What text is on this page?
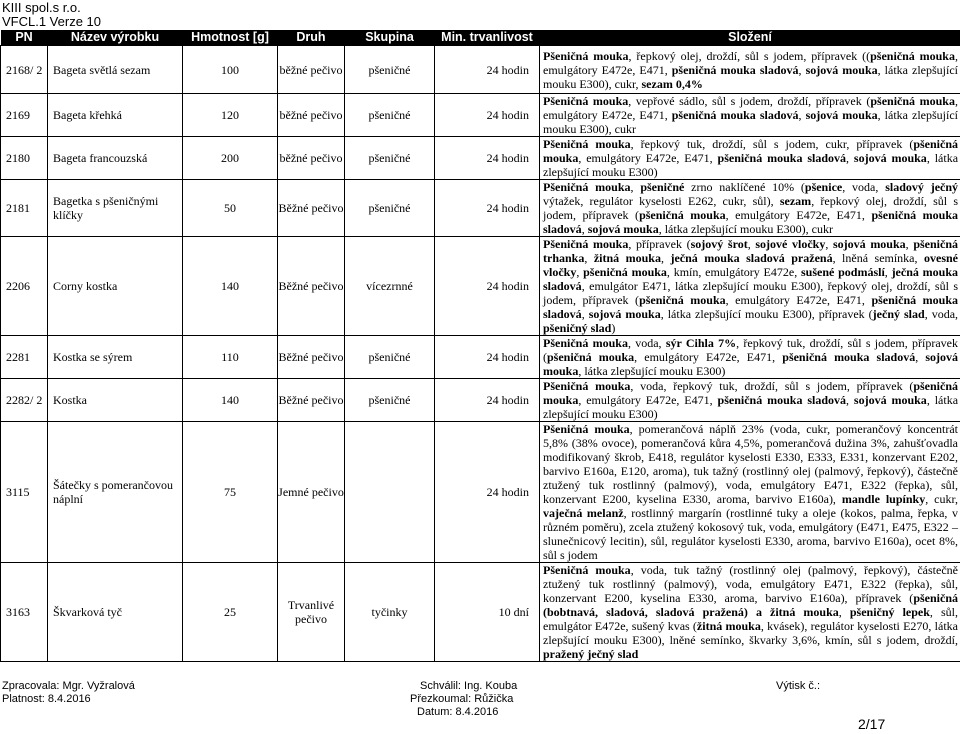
KIII spol.s r.o.
VFCL.1 Verze 10
PN	Název výrobku	Hmotnost [g]	Druh	Skupina	Min. trvanlivost	Složení

2168/ 2	Bageta světlá sezam	100	běžné pečivo	pšeničné	24 hodin	Pšeničná mouka, řepkový olej, droždí, sůl s jodem, přípravek ((pšeničná mouka, emulgátory E472e, E471, pšeničná mouka sladová, sojová mouka, látka zlepšující mouku E300), cukr, sezam 0,4%

2169	Bageta křehká	120	běžné pečivo	pšeničné	24 hodin	Pšeničná mouka, vepřové sádlo, sůl s jodem, droždí, přípravek (pšeničná mouka, emulgátory E472e, E471, pšeničná mouka sladová, sojová mouka, látka zlepšující mouku E300), cukr

2180	Bageta francouzská	200	běžné pečivo	pšeničné	24 hodin	Pšeničná mouka, řepkový tuk, droždí, sůl s jodem, cukr, přípravek (pšeničná mouka, emulgátory E472e, E471, pšeničná mouka sladová, sojová mouka, látka zlepšující mouku E300)

2181	Bagetka s pšeničnými klíčky	50	Běžné pečivo	pšeničné	24 hodin	Pšeničná mouka, pšeničné zrno naklíčené 10% (pšenice, voda, sladový ječný výtažek, regulátor kyselosti E262, cukr, sůl), sezam, řepkový olej, droždí, sůl s jodem, přípravek (pšeničná mouka, emulgátory E472e, E471, pšeničná mouka sladová, sojová mouka, látka zlepšující mouku E300), cukr

2206	Corny kostka	140	Běžné pečivo	vícezrnné	24 hodin	Pšeničná mouka, přípravek (sojový šrot, sojové vločky, sojová mouka, pšeničná trhanka, žitná mouka, ječná mouka sladová pražená, lněná semínka, ovesné vločky, pšeničná mouka, kmín, emulgátory E472e, sušené podmáslí, ječná mouka sladová, emulgátor E471, látka zlepšující mouku E300), řepkový olej, droždí, sůl s jodem, přípravek (pšeničná mouka, emulgátory E472e, E471, pšeničná mouka sladová, sojová mouka, látka zlepšující mouku E300), přípravek (ječný slad, voda, pšeničný slad)

2281	Kostka se sýrem	110	Běžné pečivo	pšeničné	24 hodin	Pšeničná mouka, voda, sýr Cihla 7%, řepkový tuk, droždí, sůl s jodem, přípravek (pšeničná mouka, emulgátory E472e, E471, pšeničná mouka sladová, sojová mouka, látka zlepšující mouku E300)

2282/ 2	Kostka	140	Běžné pečivo	pšeničné	24 hodin	Pšeničná mouka, voda, řepkový tuk, droždí, sůl s jodem, přípravek (pšeničná mouka, emulgátory E472e, E471, pšeničná mouka sladová, sojová mouka, látka zlepšující mouku E300)

3115	Šátečky s pomerančovou náplní	75	Jemné pečivo		24 hodin	Pšeničná mouka, pomerančová náplň 23% (voda, cukr, pomerančový koncentrát 5,8% (38% ovoce), pomerančová kůra 4,5%, pomerančová dužina 3%, zahušťovadla modifikovaný škrob, E418, regulátor kyselosti E330, E333, E331, konzervant E202, barvivo E160a, E120, aroma), tuk tažný (rostlinný olej (palmový, řepkový), částečně ztužený tuk rostlinný (palmový), voda, emulgátory E471, E322 (řepka), sůl, konzervant E200, kyselina E330, aroma, barvivo E160a), mandle lupínky, cukr, vaječná melanž, rostlinný margarín (rostlinné tuky a oleje (kokos, palma, řepka, v různém poměru), zcela ztužený kokosový tuk, voda, emulgátory (E471, E475, E322 – slunečnicový lecitin), sůl, regulátor kyselosti E330, aroma, barvivo E160a), ocet 8%, sůl s jodem

3163	Škvarková tyč	25	Trvanlivé pečivo	tyčinky	10 dní	Pšeničná mouka, voda, tuk tažný (rostlinný olej (palmový, řepkový), částečně ztužený tuk rostlinný (palmový), voda, emulgátory E471, E322 (řepka), sůl, konzervant E200, kyselina E330, aroma, barvivo E160a), přípravek (pšeničná (bobtnavá, sladová, sladová pražená) a žitná mouka, pšeničný lepek, sůl, emulgátor E472e, sušený kvas (žitná mouka, kvásek), regulátor kyselosti E270, látka zlepšující mouku E300), lněné semínko, škvarky 3,6%, kmín, sůl s jodem, droždí, pražený ječný slad
Zpracovala: Mgr. Vyžralová
Platnost: 8.4.2016
Schválil: Ing. Kouba
Přezkoumal: Růžička
Datum: 8.4.2016
Výtisk č.:
2/17
